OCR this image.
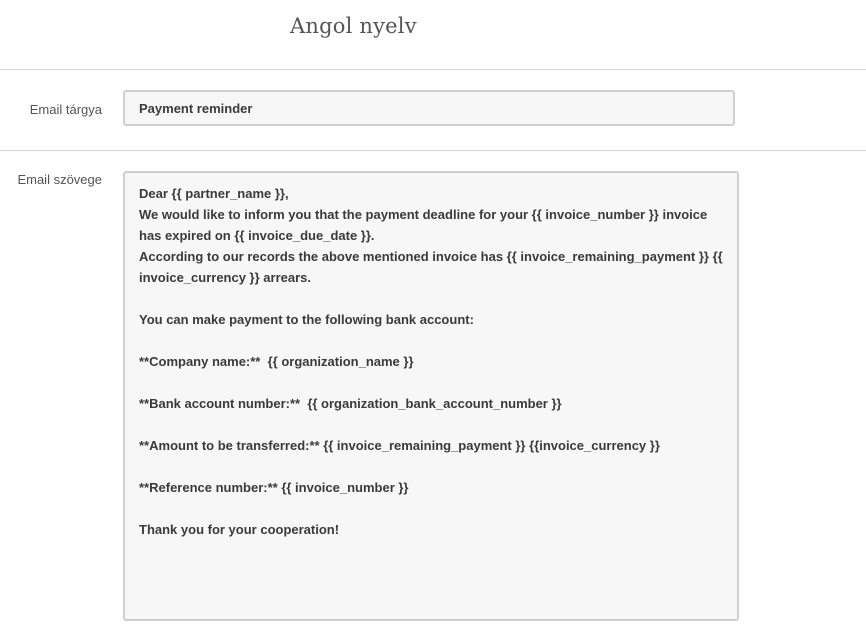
Angol nyelv
Email tárgya	Payment reminder
Email szövege
Dear {{ partner_name }},
We would like to inform you that the payment deadline for your {{ invoice_number }} invoice
has expired on {{ invoice_due_date }}.
According to our records the above mentioned invoice has {{ invoice_remaining_payment }} {{
invoice_currency }} arrears.
You can make payment to the following bank account:
**Company name:**  {{ organization_name }}
**Bank account number:**  {{ organization_bank_account_number }}
**Amount to be transferred:** {{ invoice_remaining_payment }} {{invoice_currency }}
**Reference number:** {{ invoice_number }}
Thank you for your cooperation!
